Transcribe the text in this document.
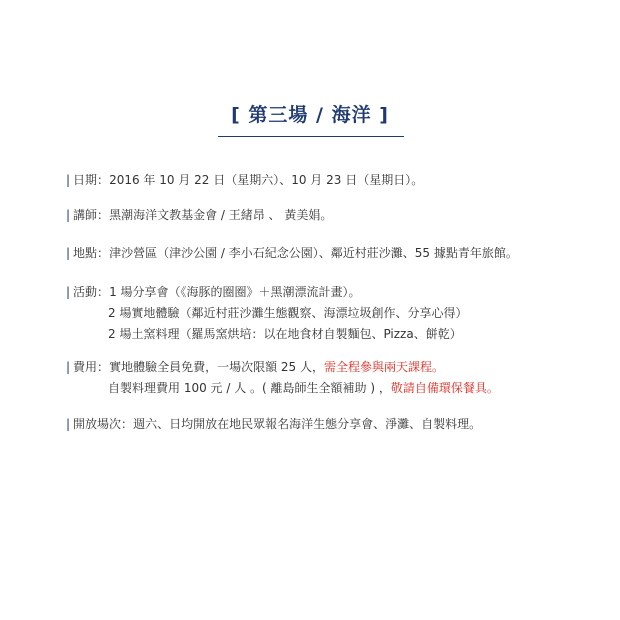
[ 第三場 / 海洋 ]
| 日期：2016 年 10 月 22 日（星期六）、10 月 23 日（星期日）。
| 講師：黑潮海洋文教基金會 / 王緒昂 、 黃美娟。
| 地點：津沙營區（津沙公園 / 李小石紀念公園）、鄰近村莊沙灘、55 據點青年旅館。
| 活動：1 場分享會（《海豚的圈圈》＋黑潮漂流計畫）。
2 場實地體驗（鄰近村莊沙灘生態觀察、海漂垃圾創作、分享心得）
2 場土窯料理（羅馬窯烘培：以在地食材自製麵包、Pizza、餅乾）
| 費用：實地體驗全員免費，一場次限額 25 人，需全程參與兩天課程。
自製料理費用 100 元 / 人 。( 離島師生全額補助 ) ，敬請自備環保餐具。
| 開放場次：週六、日均開放在地民眾報名海洋生態分享會、淨灘、自製料理。
